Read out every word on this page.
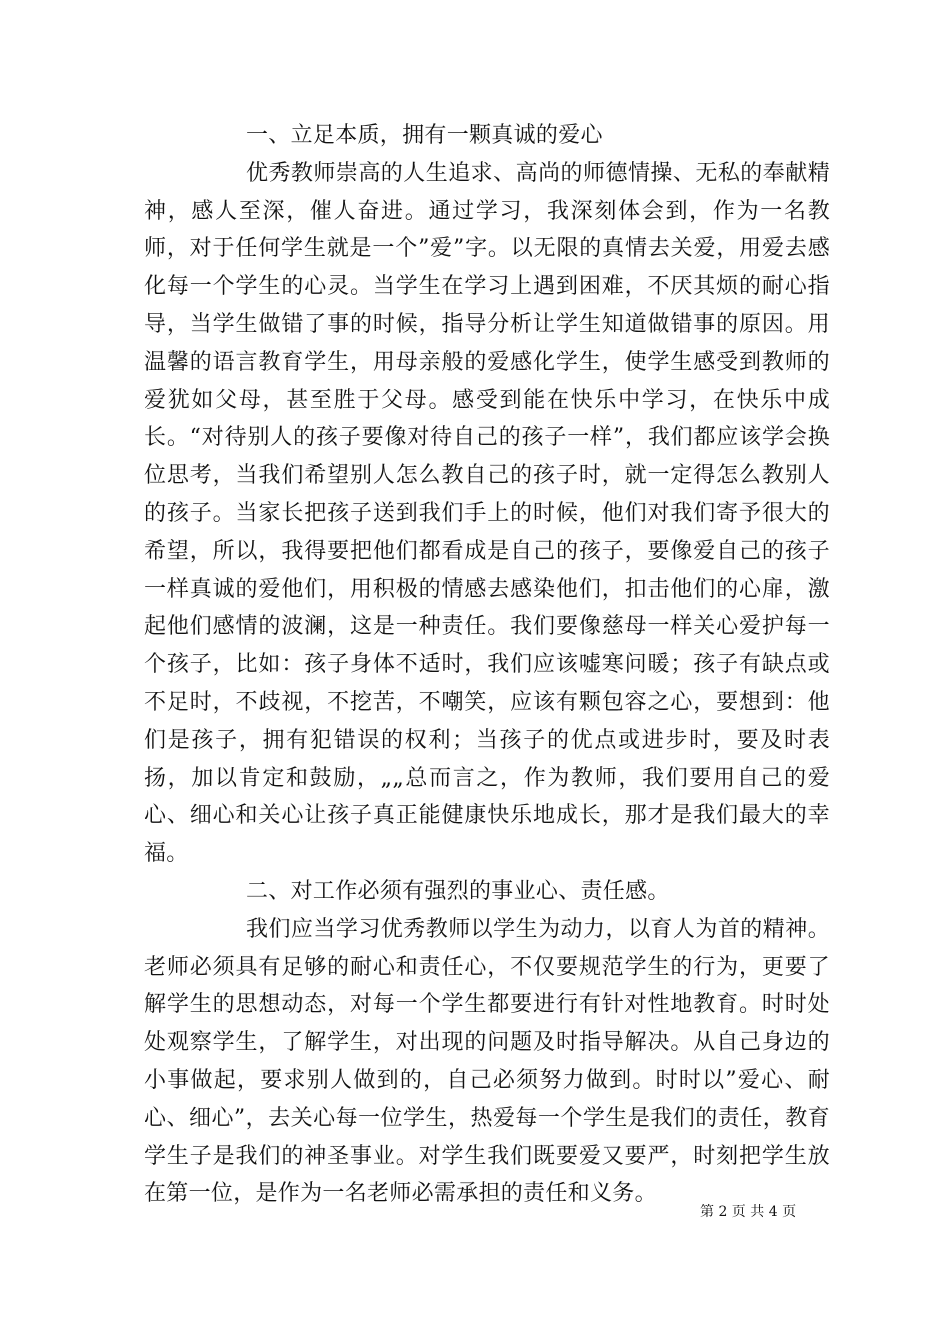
一、立足本质，拥有一颗真诚的爱心

优秀教师崇高的人生追求、高尚的师德情操、无私的奉献精神，感人至深，催人奋进。通过学习，我深刻体会到，作为一名教师，对于任何学生就是一个”爱”字。以无限的真情去关爱，用爱去感化每一个学生的心灵。当学生在学习上遇到困难，不厌其烦的耐心指导，当学生做错了事的时候，指导分析让学生知道做错事的原因。用温馨的语言教育学生，用母亲般的爱感化学生，使学生感受到教师的爱犹如父母，甚至胜于父母。感受到能在快乐中学习，在快乐中成长。“对待别人的孩子要像对待自己的孩子一样”，我们都应该学会换位思考，当我们希望别人怎么教自己的孩子时，就一定得怎么教别人的孩子。当家长把孩子送到我们手上的时候，他们对我们寄予很大的希望，所以，我得要把他们都看成是自己的孩子，要像爱自己的孩子一样真诚的爱他们，用积极的情感去感染他们，扣击他们的心扉，激起他们感情的波澜，这是一种责任。我们要像慈母一样关心爱护每一个孩子，比如：孩子身体不适时，我们应该嘘寒问暖；孩子有缺点或不足时，不歧视，不挖苦，不嘲笑，应该有颗包容之心，要想到：他们是孩子，拥有犯错误的权利；当孩子的优点或进步时，要及时表扬，加以肯定和鼓励，„„总而言之，作为教师，我们要用自己的爱心、细心和关心让孩子真正能健康快乐地成长，那才是我们最大的幸福。

二、对工作必须有强烈的事业心、责任感。

我们应当学习优秀教师以学生为动力，以育人为首的精神。老师必须具有足够的耐心和责任心，不仅要规范学生的行为，更要了解学生的思想动态，对每一个学生都要进行有针对性地教育。时时处处观察学生，了解学生，对出现的问题及时指导解决。从自己身边的小事做起，要求别人做到的，自己必须努力做到。时时以”爱心、耐心、细心”，去关心每一位学生，热爱每一个学生是我们的责任，教育学生子是我们的神圣事业。对学生我们既要爱又要严，时刻把学生放在第一位，是作为一名老师必需承担的责任和义务。

第 2 页 共 4 页
